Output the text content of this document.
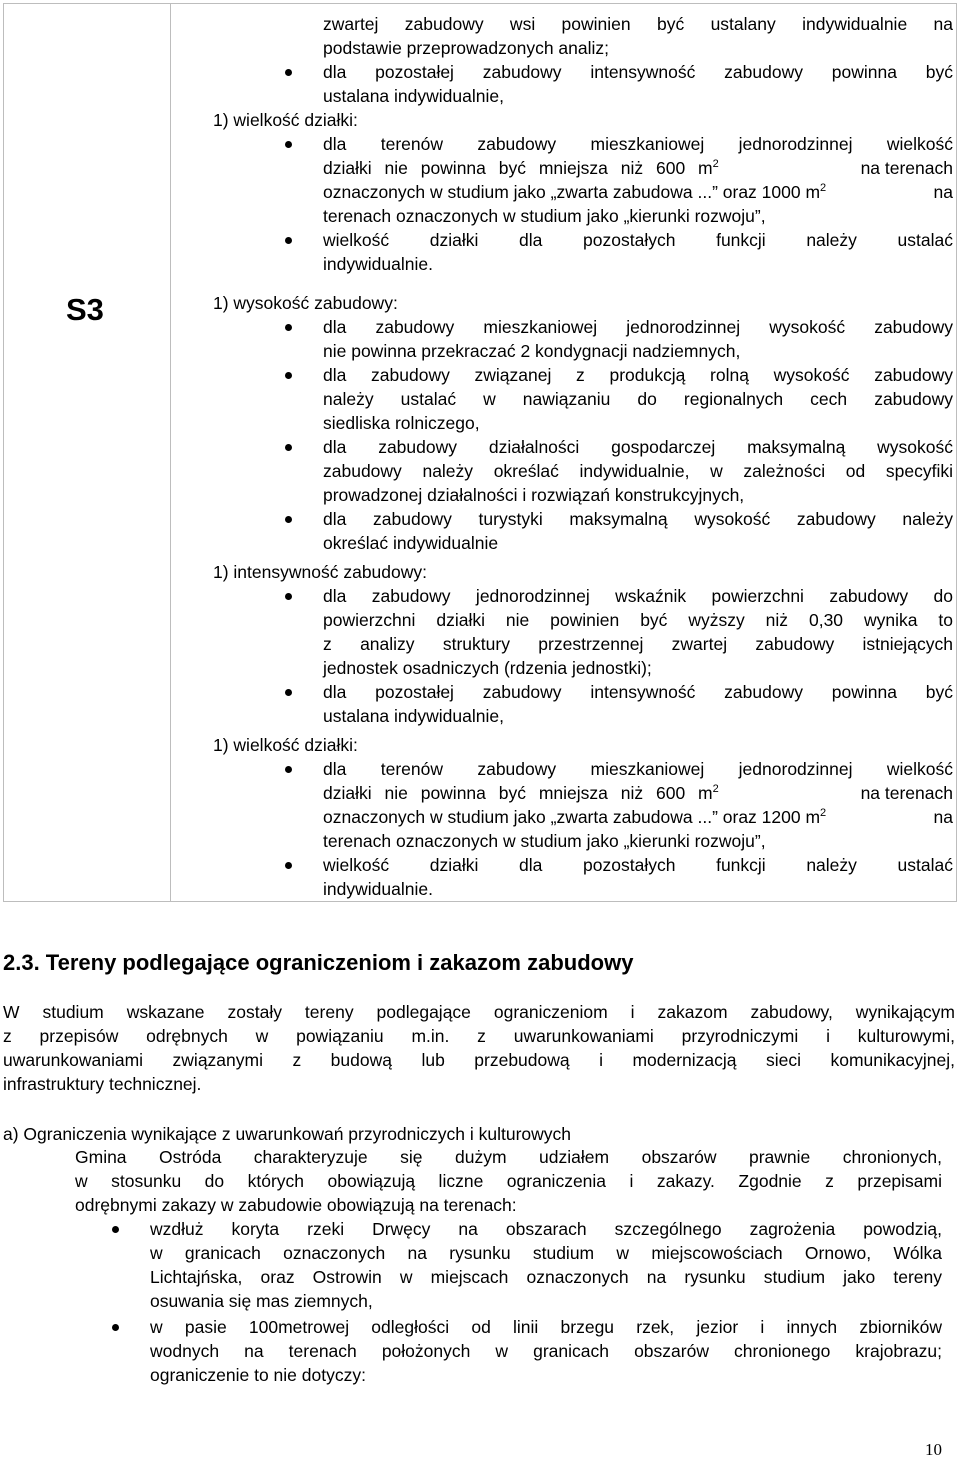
S3
zwartej zabudowy wsi powinien być ustalany indywidualnie na
podstawie przeprowadzonych analiz;
dla pozostałej zabudowy intensywność zabudowy powinna być
ustalana indywidualnie,
1) wielkość działki:
dla terenów zabudowy mieszkaniowej jednorodzinnej wielkość
działki nie powinna być mniejsza niż 600 $m^2$	na terenach
oznaczonych w studium jako „zwarta zabudowa ...” oraz 1000 $m^2$	na
terenach oznaczonych w studium jako „kierunki rozwoju”,
wielkość działki dla pozostałych funkcji należy ustalać
indywidualnie.
1) wysokość zabudowy:
dla zabudowy mieszkaniowej jednorodzinnej wysokość zabudowy
nie powinna przekraczać 2 kondygnacji nadziemnych,
dla zabudowy związanej z produkcją rolną wysokość zabudowy
należy ustalać w nawiązaniu do regionalnych cech zabudowy
siedliska rolniczego,
dla zabudowy działalności gospodarczej maksymalną wysokość
zabudowy należy określać indywidualnie, w zależności od specyfiki
prowadzonej działalności i rozwiązań konstrukcyjnych,
dla zabudowy turystyki maksymalną wysokość zabudowy należy
określać indywidualnie
1) intensywność zabudowy:
dla zabudowy jednorodzinnej wskaźnik powierzchni zabudowy do
powierzchni działki nie powinien być wyższy niż 0,30 wynika to
z analizy struktury przestrzennej zwartej zabudowy istniejących
jednostek osadniczych (rdzenia jednostki);
dla pozostałej zabudowy intensywność zabudowy powinna być
ustalana indywidualnie,
1) wielkość działki:
dla terenów zabudowy mieszkaniowej jednorodzinnej wielkość
działki nie powinna być mniejsza niż 600 $m^2$	na terenach
oznaczonych w studium jako „zwarta zabudowa ...” oraz 1200 $m^2$	na
terenach oznaczonych w studium jako „kierunki rozwoju”,
wielkość działki dla pozostałych funkcji należy ustalać
indywidualnie.
2.3. Tereny podlegające ograniczeniom i zakazom zabudowy
W studium wskazane zostały tereny podlegające ograniczeniom i zakazom zabudowy, wynikającym
z przepisów odrębnych w powiązaniu m.in. z uwarunkowaniami przyrodniczymi i kulturowymi,
uwarunkowaniami związanymi z budową lub przebudową i modernizacją sieci komunikacyjnej,
infrastruktury technicznej.
a) Ograniczenia wynikające z uwarunkowań przyrodniczych i kulturowych
Gmina Ostróda charakteryzuje się dużym udziałem obszarów prawnie chronionych,
w stosunku do których obowiązują liczne ograniczenia i zakazy. Zgodnie z przepisami
odrębnymi zakazy w zabudowie obowiązują na terenach:
wzdłuż koryta rzeki Drwęcy na obszarach szczególnego zagrożenia powodzią,
w granicach oznaczonych na rysunku studium w miejscowościach Ornowo, Wólka
Lichtajńska, oraz Ostrowin w miejscach oznaczonych na rysunku studium jako tereny
osuwania się mas ziemnych,
w pasie 100metrowej odległości od linii brzegu rzek, jezior i innych zbiorników
wodnych na terenach położonych w granicach obszarów chronionego krajobrazu;
ograniczenie to nie dotyczy:
10
